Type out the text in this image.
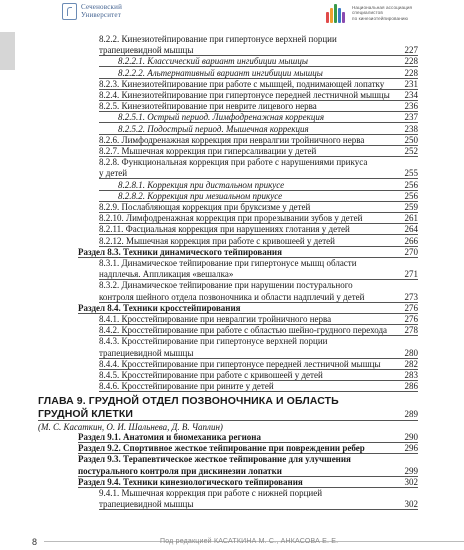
Сеченовский
Университет
Национальная ассоциация
специалистов
по кинезиотейпированию
8.2.2. Кинезиотейпирование при гипертонусе верхней порции
трапециевидной мышцы	227
8.2.2.1. Классический вариант ингибиции мышцы	228
8.2.2.2. Альтернативный вариант ингибиции мышцы	228
8.2.3. Кинезиотейпирование при работе с мышцей, поднимающей лопатку	231
8.2.4. Кинезиотейпирование при гипертонусе передней лестничной мышцы	234
8.2.5. Кинезиотейпирование при неврите лицевого нерва	236
8.2.5.1. Острый период. Лимфодренажная коррекция	237
8.2.5.2. Подострый период. Мышечная коррекция	238
8.2.6. Лимфодренажная коррекция при невралгии тройничного нерва	250
8.2.7. Мышечная коррекция при гиперсаливации у детей	252
8.2.8. Функциональная коррекция при работе с нарушениями прикуса
у детей	255
8.2.8.1. Коррекция при дистальном прикусе	256
8.2.8.2. Коррекция при мезиальном прикусе	256
8.2.9. Послабляющая коррекция при бруксизме у детей	259
8.2.10. Лимфодренажная коррекция при прорезывании зубов у детей	261
8.2.11. Фасциальная коррекция при нарушениях глотания у детей	264
8.2.12. Мышечная коррекция при работе с кривошеей у детей	266
Раздел 8.3. Техники динамического тейпирования	270
8.3.1. Динамическое тейпирование при гипертонусе мышц области
надплечья. Аппликация «вешалка»	271
8.3.2. Динамическое тейпирование при нарушении постурального
контроля шейного отдела позвоночника и области надплечий у детей	273
Раздел 8.4. Техники кросстейпирования	276
8.4.1. Кросстейпирование при невралгии тройничного нерва	276
8.4.2. Кросстейпирование при работе с областью шейно-грудного перехода	278
8.4.3. Кросстейпирование при гипертонусе верхней порции
трапециевидной мышцы	280
8.4.4. Кросстейпирование при гипертонусе передней лестничной мышцы	282
8.4.5. Кросстейпирование при работе с кривошеей у детей	283
8.4.6. Кросстейпирование при рините у детей	286
ГЛАВА 9. ГРУДНОЙ ОТДЕЛ ПОЗВОНОЧНИКА И ОБЛАСТЬ
ГРУДНОЙ КЛЕТКИ	289
(М. С. Касаткин, О. И. Шальнева, Д. В. Чаплин)
Раздел 9.1. Анатомия и биомеханика региона	290
Раздел 9.2. Спортивное жесткое тейпирование при повреждении ребер	296
Раздел 9.3. Терапевтическое жесткое тейпирование для улучшения
постурального контроля при дискинезии лопатки	299
Раздел 9.4. Техники кинезиологического тейпирования	302
9.4.1. Мышечная коррекция при работе с нижней порцией
трапециевидной мышцы	302
8	Под редакцией КАСАТКИНА М. С., АНКАСОВА Е. Е.
